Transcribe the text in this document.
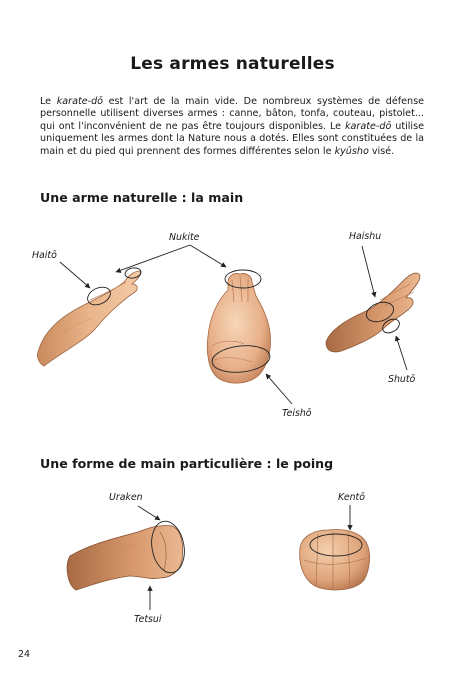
Les armes naturelles
Le karate-dō est l'art de la main vide. De nombreux systèmes de défense personnelle utilisent diverses armes : canne, bâton, tonfa, couteau, pistolet... qui ont l'inconvénient de ne pas être toujours disponibles. Le karate-dō utilise uniquement les armes dont la Nature nous a dotés. Elles sont constituées de la main et du pied qui prennent des formes différentes selon le kyūsho visé.
Une arme naturelle : la main
Nukite
Haitō
Haishu
Teishō
Shutō
Une forme de main particulière : le poing
Uraken	Kentō
Tetsui
24
